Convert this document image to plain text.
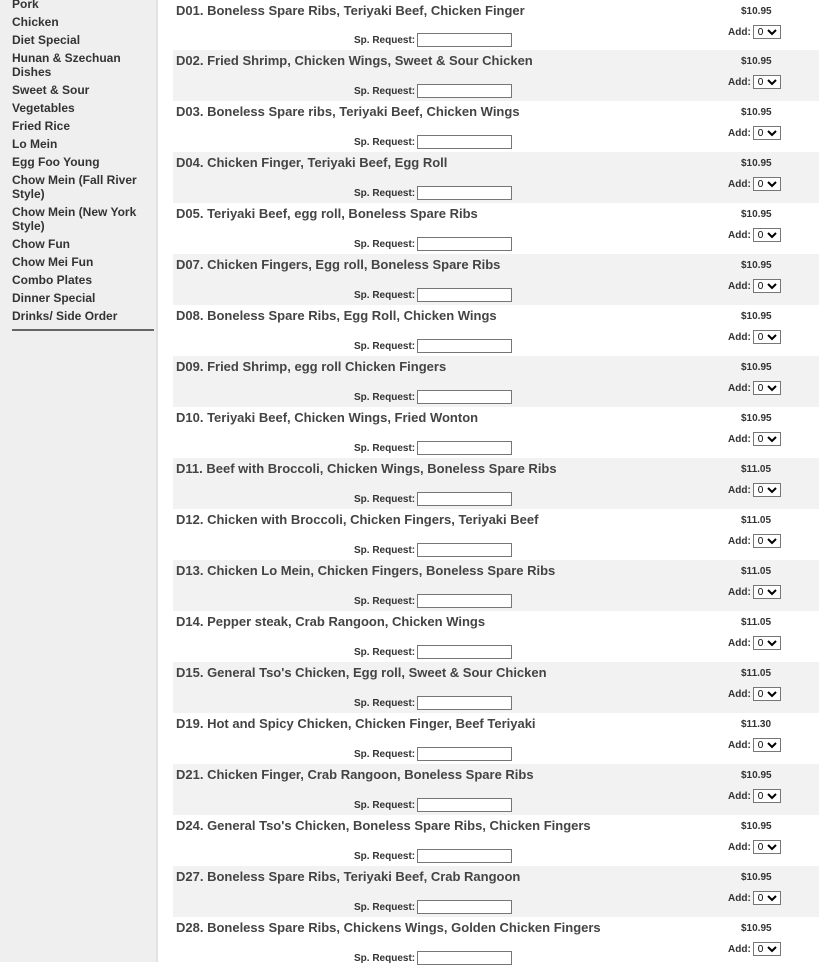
Pork
Chicken
Diet Special
Hunan & Szechuan Dishes
Sweet & Sour
Vegetables
Fried Rice
Lo Mein
Egg Foo Young
Chow Mein (Fall River Style)
Chow Mein (New York Style)
Chow Fun
Chow Mei Fun
Combo Plates
Dinner Special
Drinks/ Side Order
D01. Boneless Spare Ribs, Teriyaki Beef, Chicken Finger
Sp. Request:
$10.95
Add:
0
D02. Fried Shrimp, Chicken Wings, Sweet & Sour Chicken
Sp. Request:
$10.95
Add:
0
D03. Boneless Spare ribs, Teriyaki Beef, Chicken Wings
Sp. Request:
$10.95
Add:
0
D04. Chicken Finger, Teriyaki Beef, Egg Roll
Sp. Request:
$10.95
Add:
0
D05. Teriyaki Beef, egg roll, Boneless Spare Ribs
Sp. Request:
$10.95
Add:
0
D07. Chicken Fingers, Egg roll, Boneless Spare Ribs
Sp. Request:
$10.95
Add:
0
D08. Boneless Spare Ribs, Egg Roll, Chicken Wings
Sp. Request:
$10.95
Add:
0
D09. Fried Shrimp, egg roll Chicken Fingers
Sp. Request:
$10.95
Add:
0
D10. Teriyaki Beef, Chicken Wings, Fried Wonton
Sp. Request:
$10.95
Add:
0
D11. Beef with Broccoli, Chicken Wings, Boneless Spare Ribs
Sp. Request:
$11.05
Add:
0
D12. Chicken with Broccoli, Chicken Fingers, Teriyaki Beef
Sp. Request:
$11.05
Add:
0
D13. Chicken Lo Mein, Chicken Fingers, Boneless Spare Ribs
Sp. Request:
$11.05
Add:
0
D14. Pepper steak, Crab Rangoon, Chicken Wings
Sp. Request:
$11.05
Add:
0
D15. General Tso's Chicken, Egg roll, Sweet & Sour Chicken
Sp. Request:
$11.05
Add:
0
D19. Hot and Spicy Chicken, Chicken Finger, Beef Teriyaki
Sp. Request:
$11.30
Add:
0
D21. Chicken Finger, Crab Rangoon, Boneless Spare Ribs
Sp. Request:
$10.95
Add:
0
D24. General Tso's Chicken, Boneless Spare Ribs, Chicken Fingers
Sp. Request:
$10.95
Add:
0
D27. Boneless Spare Ribs, Teriyaki Beef, Crab Rangoon
Sp. Request:
$10.95
Add:
0
D28. Boneless Spare Ribs, Chickens Wings, Golden Chicken Fingers
Sp. Request:
$10.95
Add:
0
